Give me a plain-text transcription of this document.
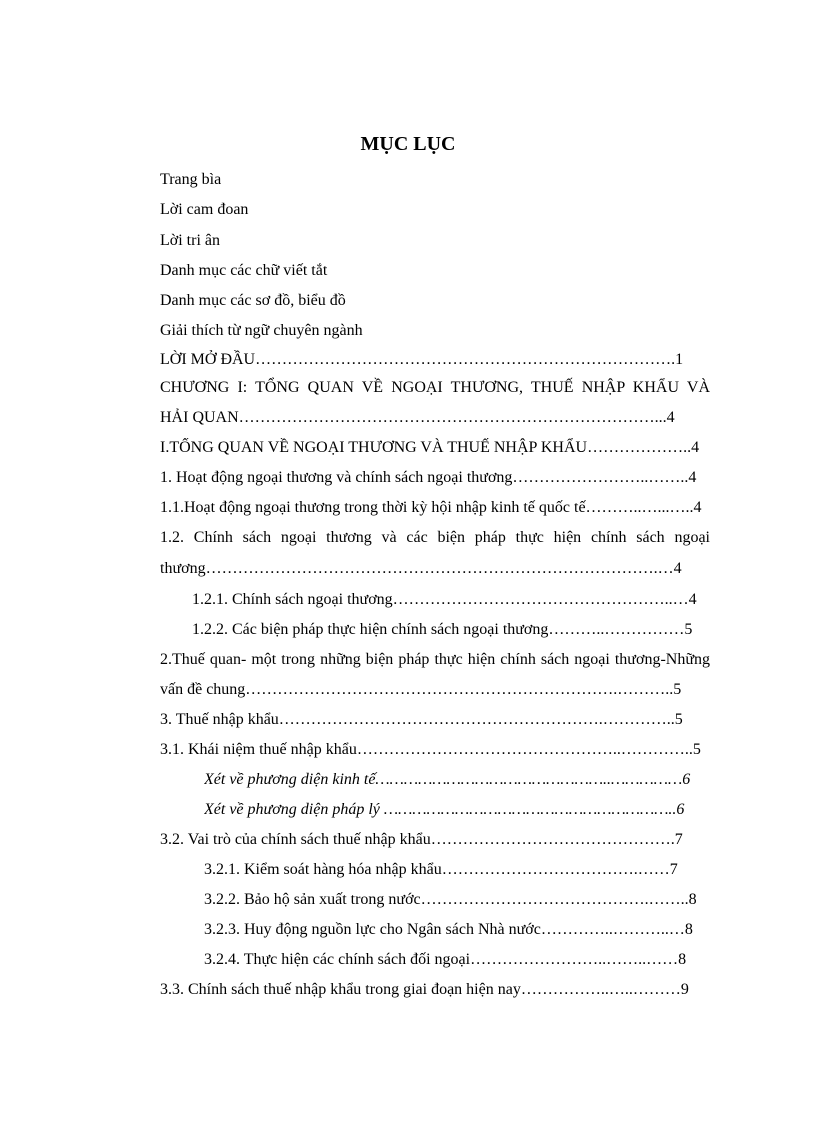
MỤC LỤC
Trang bìa
Lời cam đoan
Lời tri ân
Danh mục các chữ viết tắt
Danh mục các sơ đồ, biểu đồ
Giải thích từ ngữ chuyên ngành
LỜI MỞ ĐẦU…………………………………………………………………….1
CHƯƠNG I: TỔNG QUAN VỀ NGOẠI THƯƠNG, THUẾ NHẬP KHẨU VÀ
HẢI QUAN……………………………………………………………………...4
I.TỔNG QUAN VỀ NGOẠI THƯƠNG VÀ THUẾ NHẬP KHẨU………………..4
1. Hoạt động ngoại thương và chính sách ngoại thương……………………..……..4
1.1.Hoạt động ngoại thương trong thời kỳ hội nhập kinh tế quốc tế………..…...…..4
1.2. Chính sách ngoại thương và các biện pháp thực hiện chính sách ngoại
thương………………………………………………………………………….…4
1.2.1. Chính sách ngoại thương……………………………………………..…4
1.2.2. Các biện pháp thực hiện chính sách ngoại thương………..……………5
2.Thuế quan- một trong những biện pháp thực hiện chính sách ngoại thương-Những
vấn đề chung…………………………………………………………….………..5
3. Thuế nhập khẩu…………………………………………………….…………..5
3.1. Khái niệm thuế nhập khẩu…………………………………………..…………..5
Xét về phương diện kinh tế…………………………………………..……………6
Xét về phương diện pháp lý ……………………………………………………..6
3.2. Vai trò của chính sách thuế nhập khẩu……………………………………….7
3.2.1. Kiểm soát hàng hóa nhập khẩu……………………………….……7
3.2.2. Bảo hộ sản xuất trong nước…………………………………….……..8
3.2.3. Huy động nguồn lực cho Ngân sách Nhà nước…………..………..…8
3.2.4. Thực hiện các chính sách đối ngoại……………………..……..……8
3.3. Chính sách thuế nhập khẩu trong giai đoạn hiện nay……………..…..………9
